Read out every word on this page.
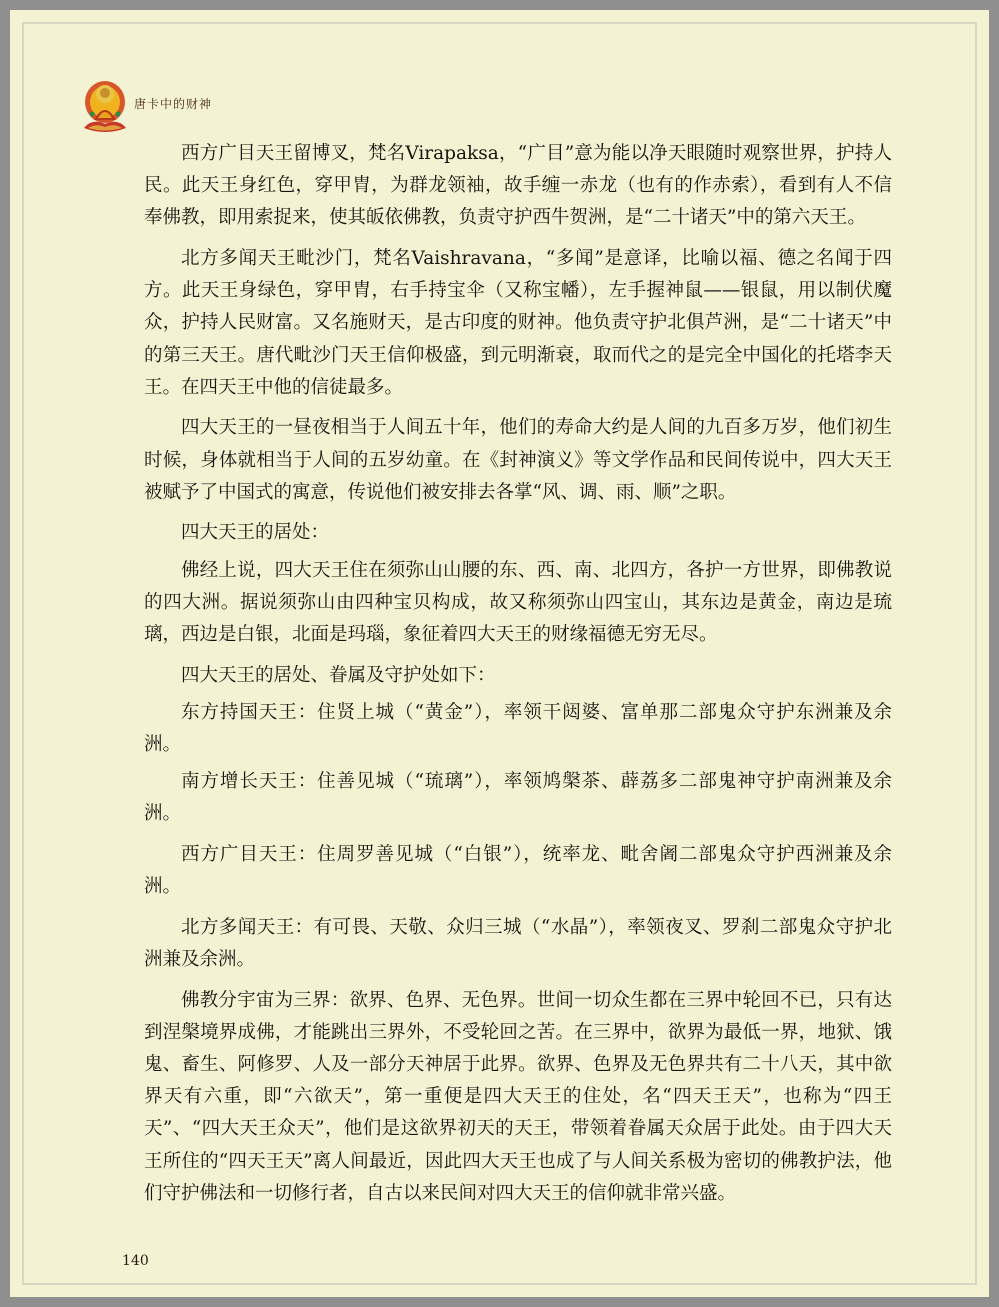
唐卡中的财神

西方广目天王留博叉，梵名Virapaksa，“广目”意为能以净天眼随时观察世界，护持人民。此天王身红色，穿甲胄，为群龙领袖，故手缠一赤龙（也有的作赤索），看到有人不信奉佛教，即用索捉来，使其皈依佛教，负责守护西牛贺洲，是“二十诸天”中的第六天王。

北方多闻天王毗沙门，梵名Vaishravana，“多闻”是意译，比喻以福、德之名闻于四方。此天王身绿色，穿甲胄，右手持宝伞（又称宝幡），左手握神鼠——银鼠，用以制伏魔众，护持人民财富。又名施财天，是古印度的财神。他负责守护北俱芦洲，是“二十诸天”中的第三天王。唐代毗沙门天王信仰极盛，到元明渐衰，取而代之的是完全中国化的托塔李天王。在四天王中他的信徒最多。

四大天王的一昼夜相当于人间五十年，他们的寿命大约是人间的九百多万岁，他们初生时候，身体就相当于人间的五岁幼童。在《封神演义》等文学作品和民间传说中，四大天王被赋予了中国式的寓意，传说他们被安排去各掌“风、调、雨、顺”之职。

四大天王的居处：

佛经上说，四大天王住在须弥山山腰的东、西、南、北四方，各护一方世界，即佛教说的四大洲。据说须弥山由四种宝贝构成，故又称须弥山四宝山，其东边是黄金，南边是琉璃，西边是白银，北面是玛瑙，象征着四大天王的财缘福德无穷无尽。

四大天王的居处、眷属及守护处如下：

东方持国天王：住贤上城（“黄金”），率领干闼婆、富单那二部鬼众守护东洲兼及余洲。

南方增长天王：住善见城（“琉璃”），率领鸠槃茶、薜荔多二部鬼神守护南洲兼及余洲。

西方广目天王：住周罗善见城（“白银”），统率龙、毗舍阇二部鬼众守护西洲兼及余洲。

北方多闻天王：有可畏、天敬、众归三城（“水晶”），率领夜叉、罗刹二部鬼众守护北洲兼及余洲。

佛教分宇宙为三界：欲界、色界、无色界。世间一切众生都在三界中轮回不已，只有达到涅槃境界成佛，才能跳出三界外，不受轮回之苦。在三界中，欲界为最低一界，地狱、饿鬼、畜生、阿修罗、人及一部分天神居于此界。欲界、色界及无色界共有二十八天，其中欲界天有六重，即“六欲天”，第一重便是四大天王的住处，名“四天王天”，也称为“四王天”、“四大天王众天”，他们是这欲界初天的天王，带领着眷属天众居于此处。由于四大天王所住的“四天王天”离人间最近，因此四大天王也成了与人间关系极为密切的佛教护法，他们守护佛法和一切修行者，自古以来民间对四大天王的信仰就非常兴盛。

140
